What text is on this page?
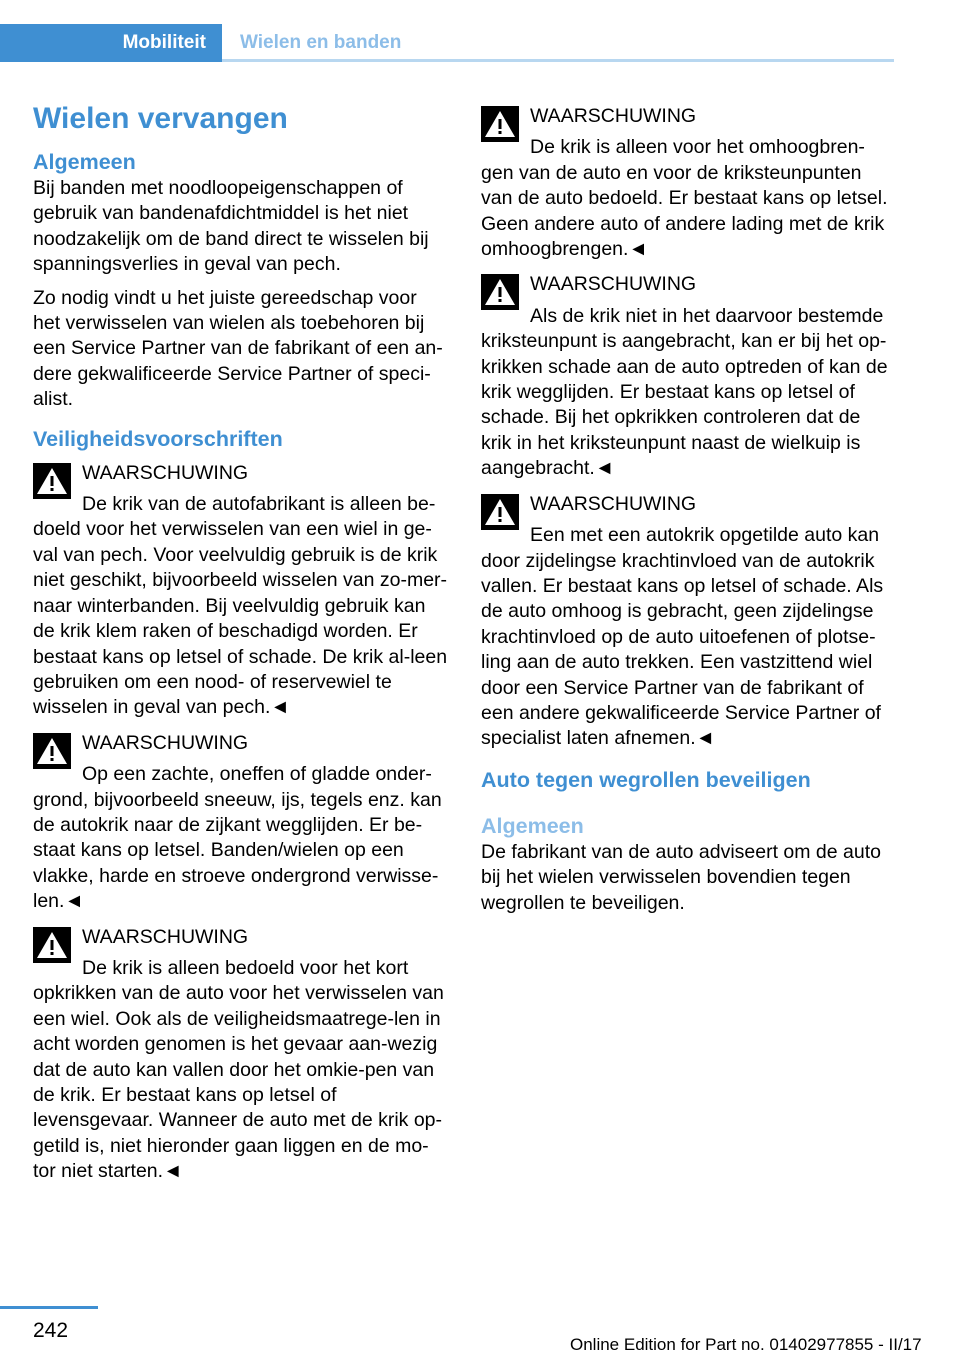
Mobiliteit	Wielen en banden
Wielen vervangen
Algemeen

Bij banden met noodloopeigenschappen of gebruik van bandenafdichtmiddel is het niet noodzakelijk om de band direct te wisselen bij spanningsverlies in geval van pech.

Zo nodig vindt u het juiste gereedschap voor het verwisselen van wielen als toebehoren bij een Service Partner van de fabrikant of een an-dere gekwalificeerde Service Partner of speci-alist.

Veiligheidsvoorschriften
WAARSCHUWING
De krik van de autofabrikant is alleen be-doeld voor het verwisselen van een wiel in ge-val van pech. Voor veelvuldig gebruik is de krik niet geschikt, bijvoorbeeld wisselen van zo-mer- naar winterbanden. Bij veelvuldig gebruik kan de krik klem raken of beschadigd worden. Er bestaat kans op letsel of schade. De krik al-leen gebruiken om een nood- of reservewiel te wisselen in geval van pech.◄
WAARSCHUWING
Op een zachte, oneffen of gladde onder-grond, bijvoorbeeld sneeuw, ijs, tegels enz. kan de autokrik naar de zijkant wegglijden. Er be-staat kans op letsel. Banden/wielen op een vlakke, harde en stroeve ondergrond verwisse-len.◄
WAARSCHUWING
De krik is alleen bedoeld voor het kort opkrikken van de auto voor het verwisselen van een wiel. Ook als de veiligheidsmaatrege-len in acht worden genomen is het gevaar aan-wezig dat de auto kan vallen door het omkie-pen van de krik. Er bestaat kans op letsel of levensgevaar. Wanneer de auto met de krik op-getild is, niet hieronder gaan liggen en de mo-tor niet starten.◄
WAARSCHUWING
De krik is alleen voor het omhoogbren-gen van de auto en voor de kriksteunpunten van de auto bedoeld. Er bestaat kans op letsel. Geen andere auto of andere lading met de krik omhoogbrengen.◄
WAARSCHUWING
Als de krik niet in het daarvoor bestemde kriksteunpunt is aangebracht, kan er bij het op-krikken schade aan de auto optreden of kan de krik wegglijden. Er bestaat kans op letsel of schade. Bij het opkrikken controleren dat de krik in het kriksteunpunt naast de wielkuip is aangebracht.◄
WAARSCHUWING
Een met een autokrik opgetilde auto kan door zijdelingse krachtinvloed van de autokrik vallen. Er bestaat kans op letsel of schade. Als de auto omhoog is gebracht, geen zijdelingse krachtinvloed op de auto uitoefenen of plotse-ling aan de auto trekken. Een vastzittend wiel door een Service Partner van de fabrikant of een andere gekwalificeerde Service Partner of specialist laten afnemen.◄
Auto tegen wegrollen beveiligen
Algemeen

De fabrikant van de auto adviseert om de auto bij het wielen verwisselen bovendien tegen wegrollen te beveiligen.

242
Online Edition for Part no. 01402977855 - II/17
